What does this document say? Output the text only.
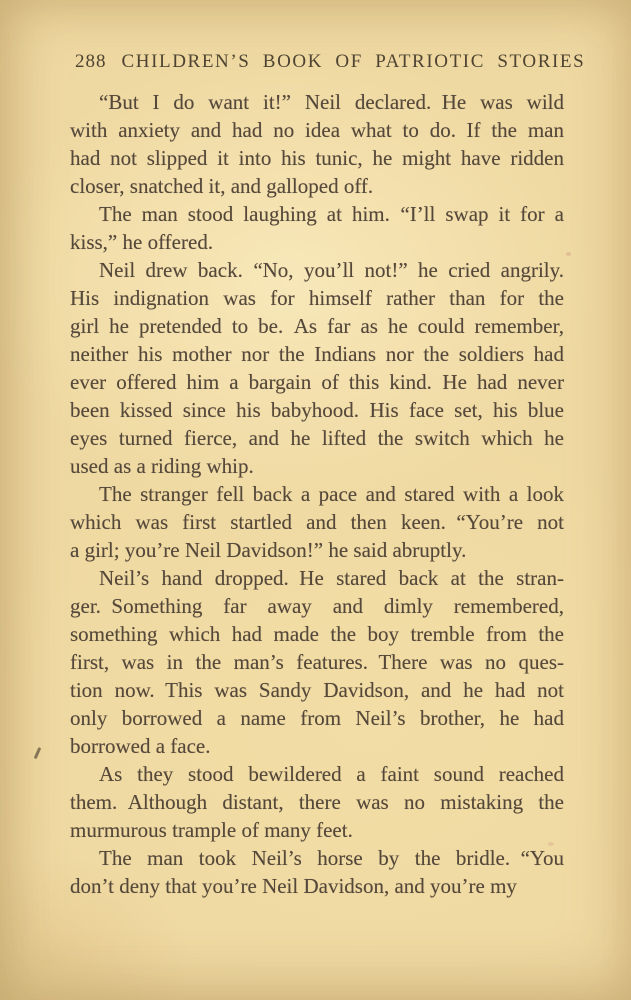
288 CHILDREN’S BOOK OF PATRIOTIC STORIES
“But I do want it!” Neil declared. He was wild
with anxiety and had no idea what to do. If the man
had not slipped it into his tunic, he might have ridden
closer, snatched it, and galloped off.
The man stood laughing at him. “I’ll swap it for a
kiss,” he offered.
Neil drew back. “No, you’ll not!” he cried angrily.
His indignation was for himself rather than for the
girl he pretended to be. As far as he could remember,
neither his mother nor the Indians nor the soldiers had
ever offered him a bargain of this kind. He had never
been kissed since his babyhood. His face set, his blue
eyes turned fierce, and he lifted the switch which he
used as a riding whip.
The stranger fell back a pace and stared with a look
which was first startled and then keen. “You’re not
a girl; you’re Neil Davidson!” he said abruptly.
Neil’s hand dropped. He stared back at the stran-
ger. Something far away and dimly remembered,
something which had made the boy tremble from the
first, was in the man’s features. There was no ques-
tion now. This was Sandy Davidson, and he had not
only borrowed a name from Neil’s brother, he had
borrowed a face.
As they stood bewildered a faint sound reached
them. Although distant, there was no mistaking the
murmurous trample of many feet.
The man took Neil’s horse by the bridle. “You
don’t deny that you’re Neil Davidson, and you’re my
